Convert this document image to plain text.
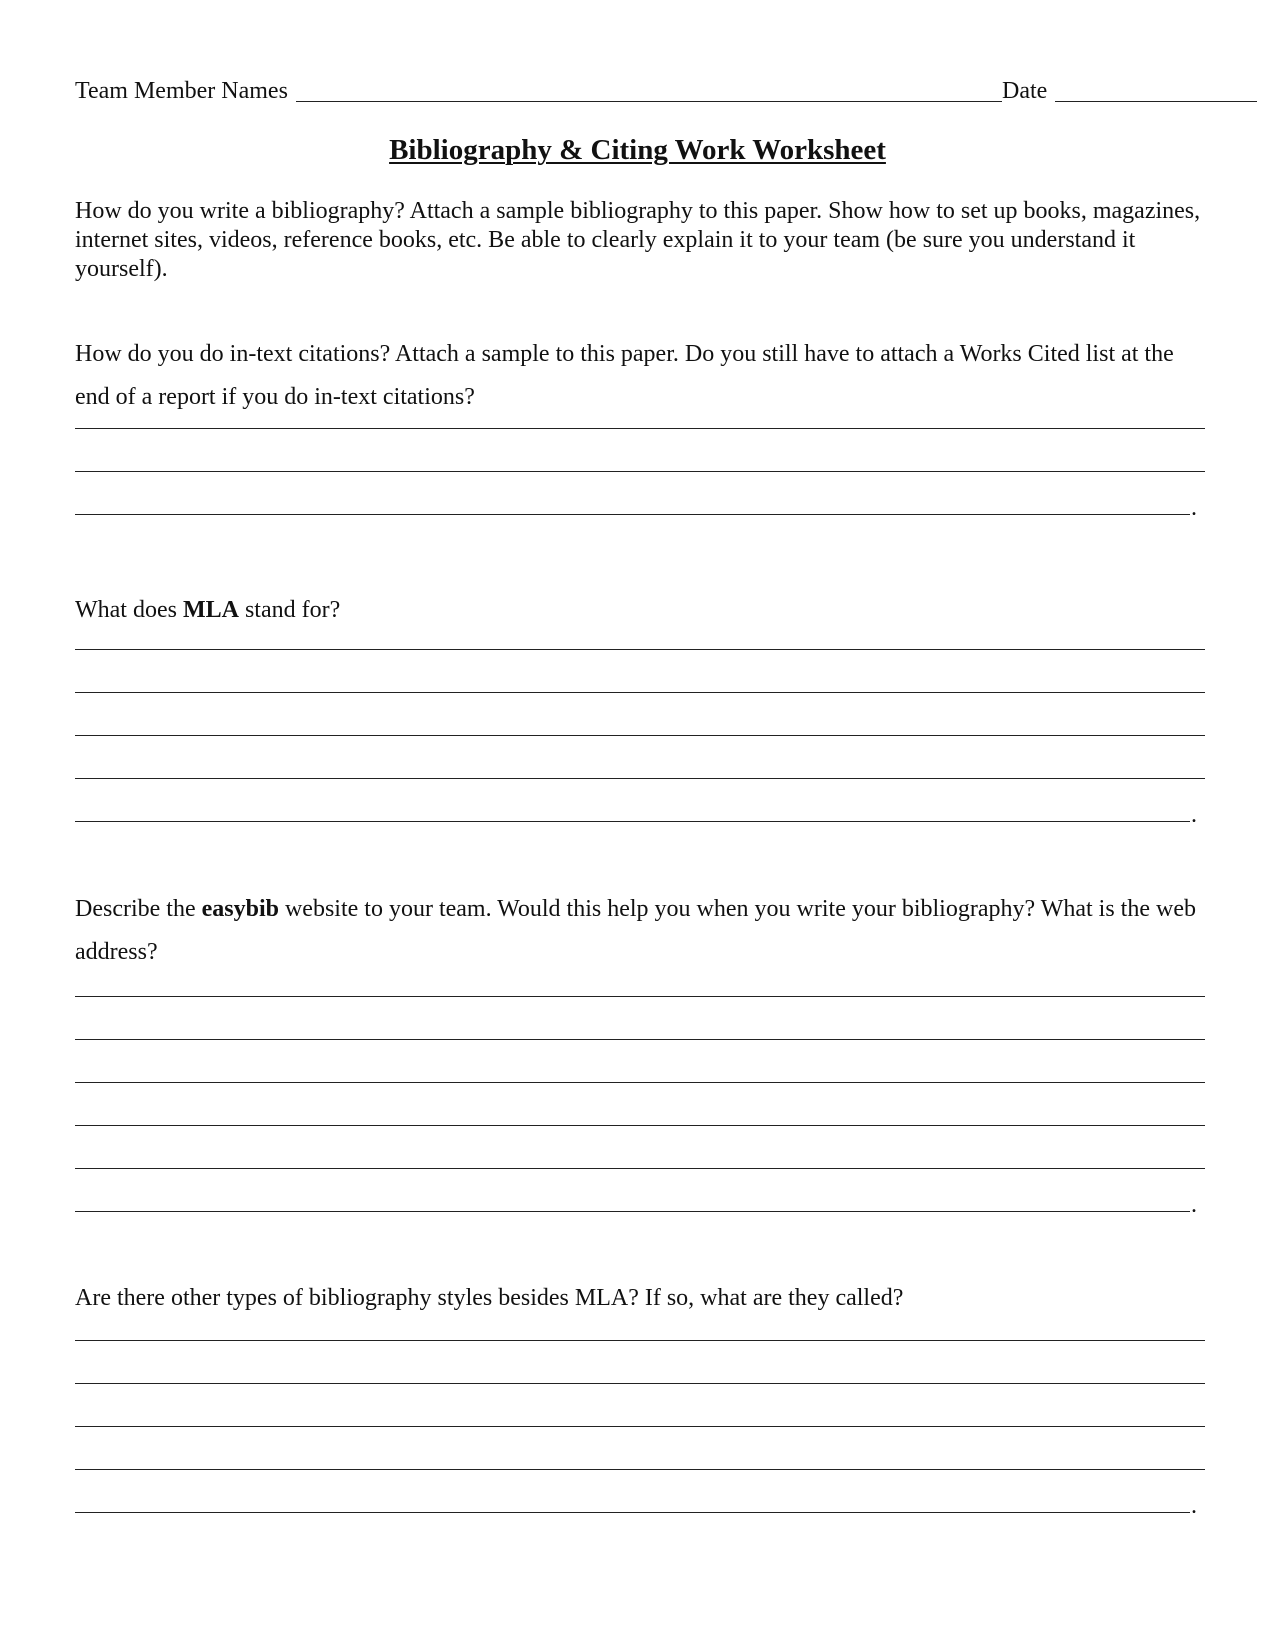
Team Member Names	Date
Bibliography & Citing Work Worksheet
How do you write a bibliography? Attach a sample bibliography to this paper. Show how to set up books, magazines, internet sites, videos, reference books, etc. Be able to clearly explain it to your team (be sure you understand it yourself).
How do you do in-text citations? Attach a sample to this paper. Do you still have to attach a Works Cited list at the end of a report if you do in-text citations?
.
What does MLA stand for?
.
Describe the easybib website to your team. Would this help you when you write your bibliography? What is the web address?
.
Are there other types of bibliography styles besides MLA? If so, what are they called?
.
